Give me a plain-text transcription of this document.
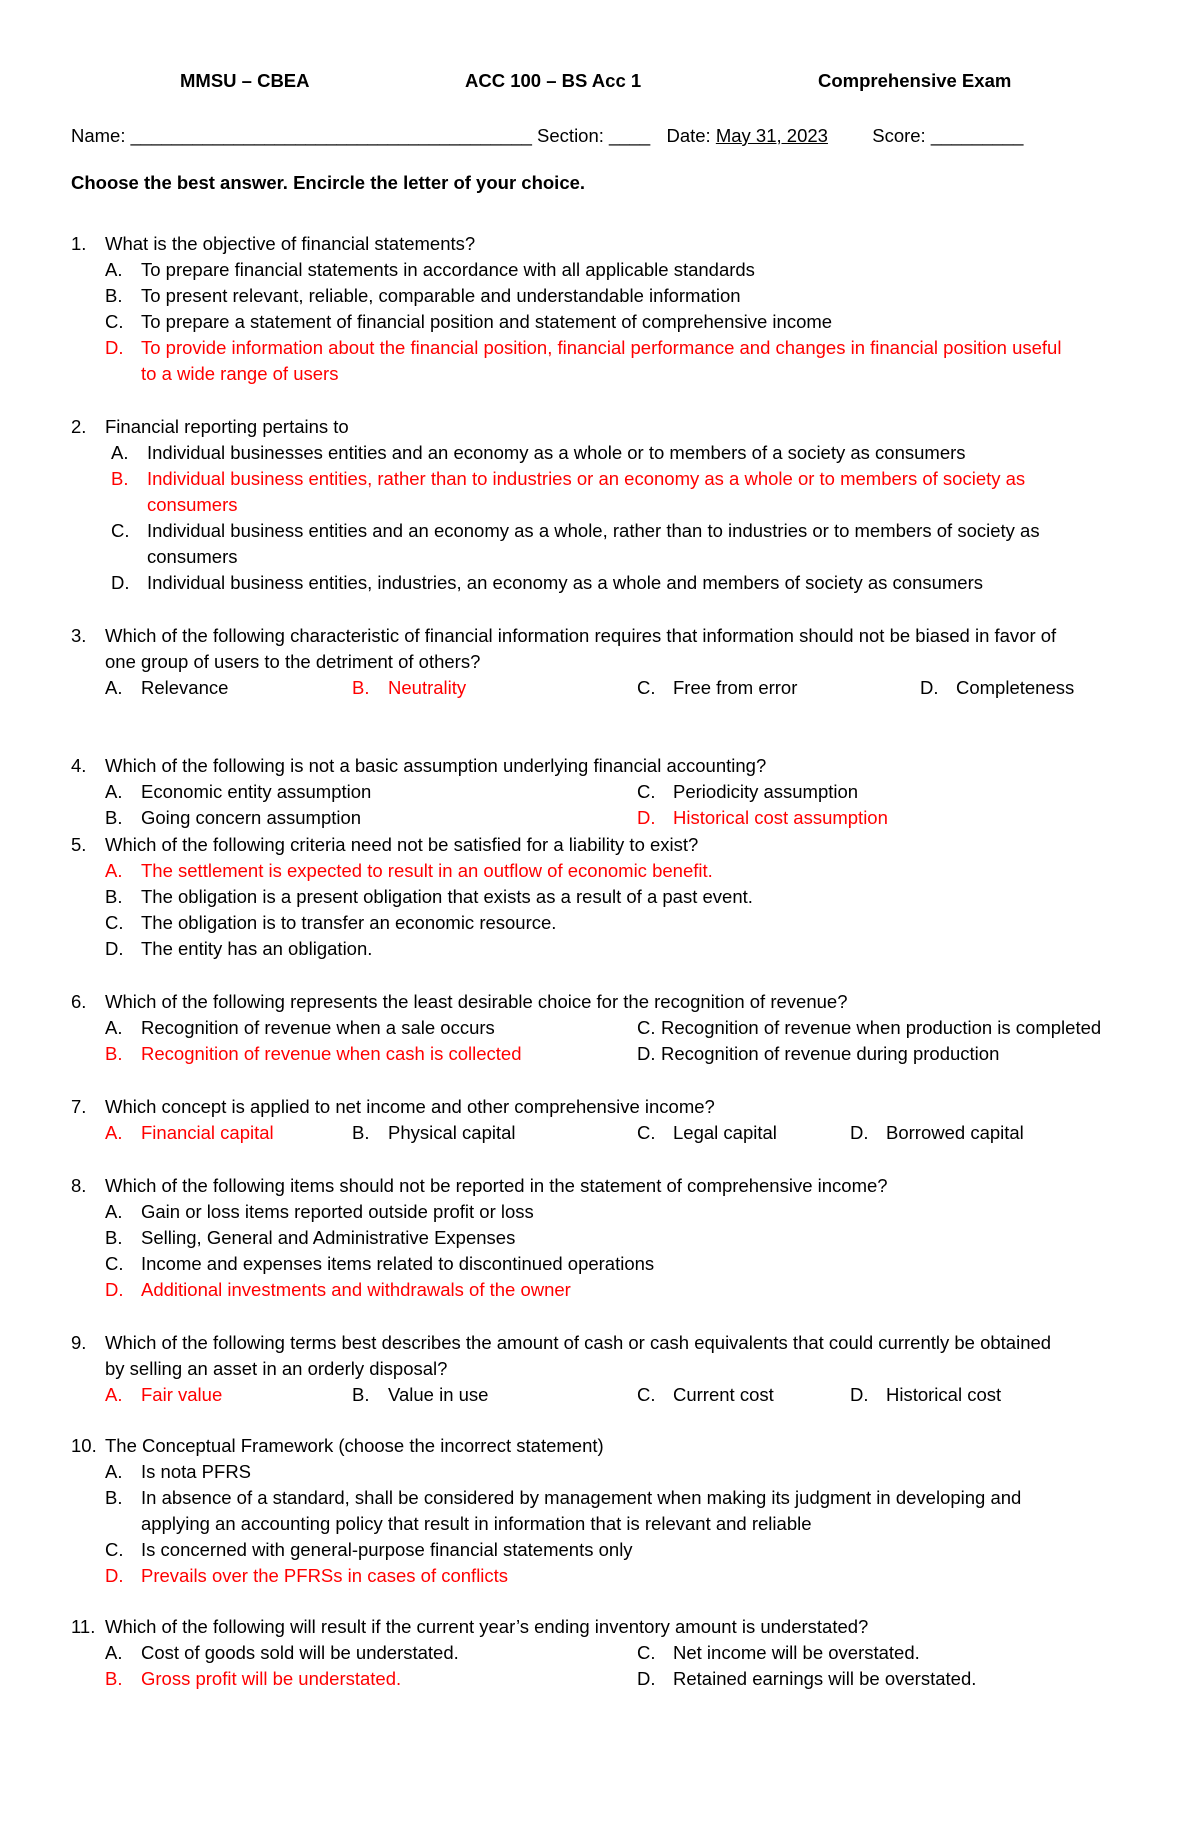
MMSU – CBEA	ACC 100 – BS Acc 1	Comprehensive Exam
Name: _______________________________________ Section: ____ Date: May 31, 2023 Score: _________
Choose the best answer. Encircle the letter of your choice.
1. What is the objective of financial statements?
A. To prepare financial statements in accordance with all applicable standards
B. To present relevant, reliable, comparable and understandable information
C. To prepare a statement of financial position and statement of comprehensive income
D. To provide information about the financial position, financial performance and changes in financial position useful
to a wide range of users
2. Financial reporting pertains to
A. Individual businesses entities and an economy as a whole or to members of a society as consumers
B. Individual business entities, rather than to industries or an economy as a whole or to members of society as
consumers
C. Individual business entities and an economy as a whole, rather than to industries or to members of society as
consumers
D. Individual business entities, industries, an economy as a whole and members of society as consumers
3. Which of the following characteristic of financial information requires that information should not be biased in favor of
one group of users to the detriment of others?
A. Relevance	B. Neutrality	C. Free from error	D. Completeness
4. Which of the following is not a basic assumption underlying financial accounting?
A. Economic entity assumption	C. Periodicity assumption
B. Going concern assumption	D. Historical cost assumption
5. Which of the following criteria need not be satisfied for a liability to exist?
A. The settlement is expected to result in an outflow of economic benefit.
B. The obligation is a present obligation that exists as a result of a past event.
C. The obligation is to transfer an economic resource.
D. The entity has an obligation.
6. Which of the following represents the least desirable choice for the recognition of revenue?
A. Recognition of revenue when a sale occurs	C. Recognition of revenue when production is completed
B. Recognition of revenue when cash is collected	D. Recognition of revenue during production
7. Which concept is applied to net income and other comprehensive income?
A. Financial capital	B. Physical capital	C. Legal capital	D. Borrowed capital
8. Which of the following items should not be reported in the statement of comprehensive income?
A. Gain or loss items reported outside profit or loss
B. Selling, General and Administrative Expenses
C. Income and expenses items related to discontinued operations
D. Additional investments and withdrawals of the owner
9. Which of the following terms best describes the amount of cash or cash equivalents that could currently be obtained
by selling an asset in an orderly disposal?
A. Fair value	B. Value in use	C. Current cost	D. Historical cost
10. The Conceptual Framework (choose the incorrect statement)
A. Is nota PFRS
B. In absence of a standard, shall be considered by management when making its judgment in developing and
applying an accounting policy that result in information that is relevant and reliable
C. Is concerned with general-purpose financial statements only
D. Prevails over the PFRSs in cases of conflicts
11. Which of the following will result if the current year’s ending inventory amount is understated?
A. Cost of goods sold will be understated.	C. Net income will be overstated.
B. Gross profit will be understated.	D. Retained earnings will be overstated.
